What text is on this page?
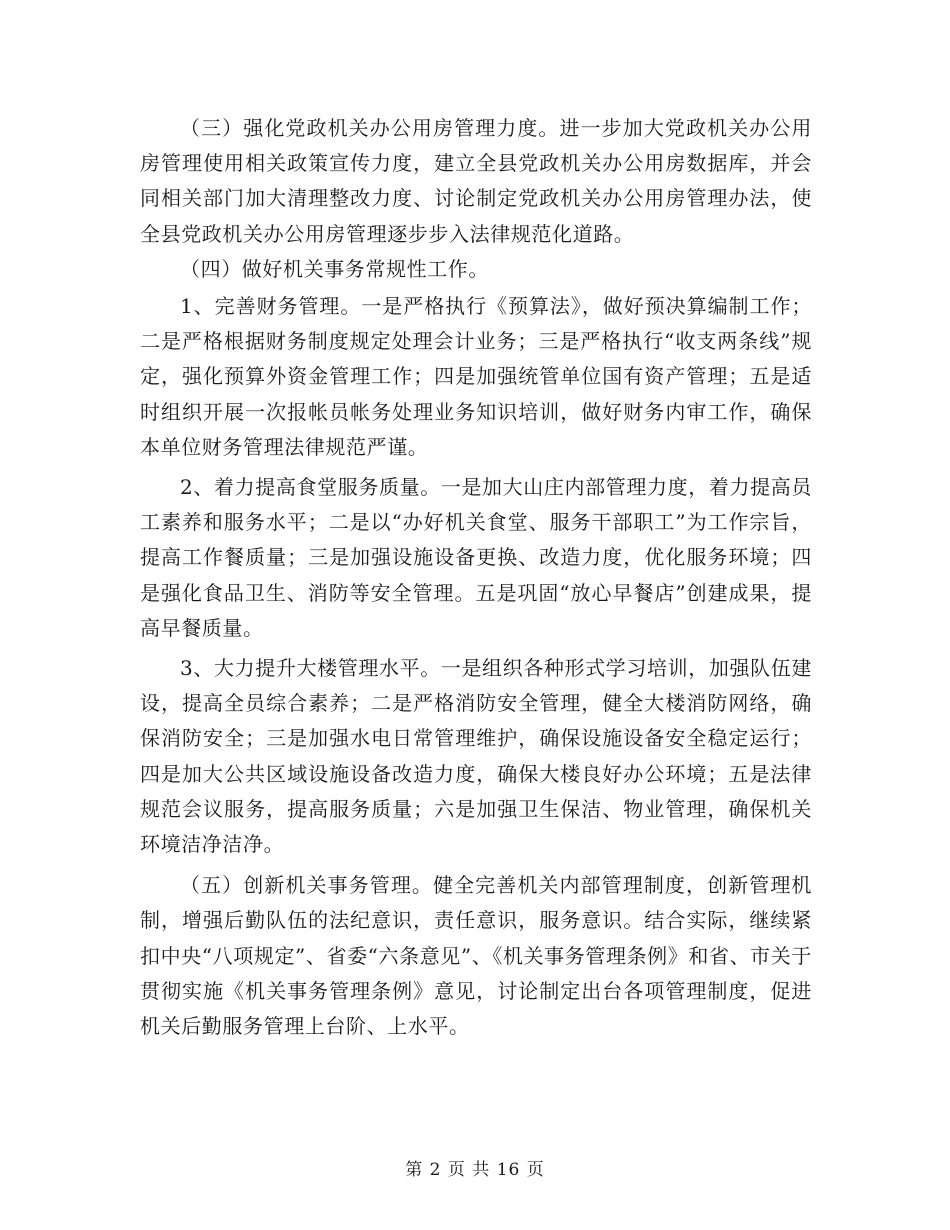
（三）强化党政机关办公用房管理力度。进一步加大党政机关办公用房管理使用相关政策宣传力度，建立全县党政机关办公用房数据库，并会同相关部门加大清理整改力度、讨论制定党政机关办公用房管理办法，使全县党政机关办公用房管理逐步步入法律规范化道路。

（四）做好机关事务常规性工作。

1、完善财务管理。一是严格执行《预算法》，做好预决算编制工作；二是严格根据财务制度规定处理会计业务；三是严格执行“收支两条线”规定，强化预算外资金管理工作；四是加强统管单位国有资产管理；五是适时组织开展一次报帐员帐务处理业务知识培训，做好财务内审工作，确保本单位财务管理法律规范严谨。

2、着力提高食堂服务质量。一是加大山庄内部管理力度，着力提高员工素养和服务水平；二是以“办好机关食堂、服务干部职工”为工作宗旨，提高工作餐质量；三是加强设施设备更换、改造力度，优化服务环境；四是强化食品卫生、消防等安全管理。五是巩固“放心早餐店”创建成果，提高早餐质量。

3、大力提升大楼管理水平。一是组织各种形式学习培训，加强队伍建设，提高全员综合素养；二是严格消防安全管理，健全大楼消防网络，确保消防安全；三是加强水电日常管理维护，确保设施设备安全稳定运行；四是加大公共区域设施设备改造力度，确保大楼良好办公环境；五是法律规范会议服务，提高服务质量；六是加强卫生保洁、物业管理，确保机关环境洁净洁净。

（五）创新机关事务管理。健全完善机关内部管理制度，创新管理机制，增强后勤队伍的法纪意识，责任意识，服务意识。结合实际，继续紧扣中央“八项规定”、省委“六条意见”、《机关事务管理条例》和省、市关于贯彻实施《机关事务管理条例》意见，讨论制定出台各项管理制度，促进机关后勤服务管理上台阶、上水平。

第 2 页 共 16 页
